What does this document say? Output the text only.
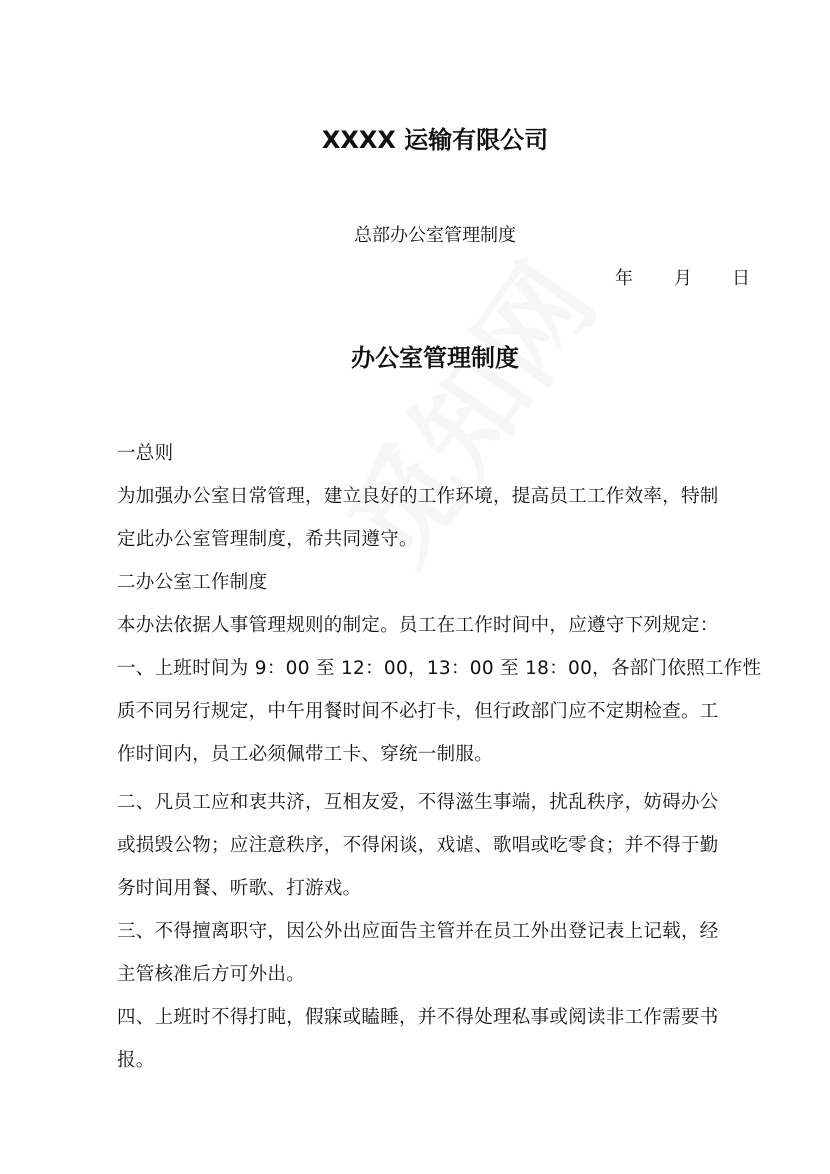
XXXX 运输有限公司
总部办公室管理制度
年 月 日
办公室管理制度
一总则
为加强办公室日常管理，建立良好的工作环境，提高员工工作效率，特制
定此办公室管理制度，希共同遵守。
二办公室工作制度
本办法依据人事管理规则的制定。员工在工作时间中，应遵守下列规定：
一、上班时间为 9：00 至 12：00，13：00 至 18：00，各部门依照工作性
质不同另行规定，中午用餐时间不必打卡，但行政部门应不定期检查。工
作时间内，员工必须佩带工卡、穿统一制服。
二、凡员工应和衷共济，互相友爱，不得滋生事端，扰乱秩序，妨碍办公
或损毁公物；应注意秩序，不得闲谈，戏谑、歌唱或吃零食；并不得于勤
务时间用餐、听歌、打游戏。
三、不得擅离职守，因公外出应面告主管并在员工外出登记表上记载，经
主管核准后方可外出。
四、上班时不得打盹，假寐或瞌睡，并不得处理私事或阅读非工作需要书
报。
